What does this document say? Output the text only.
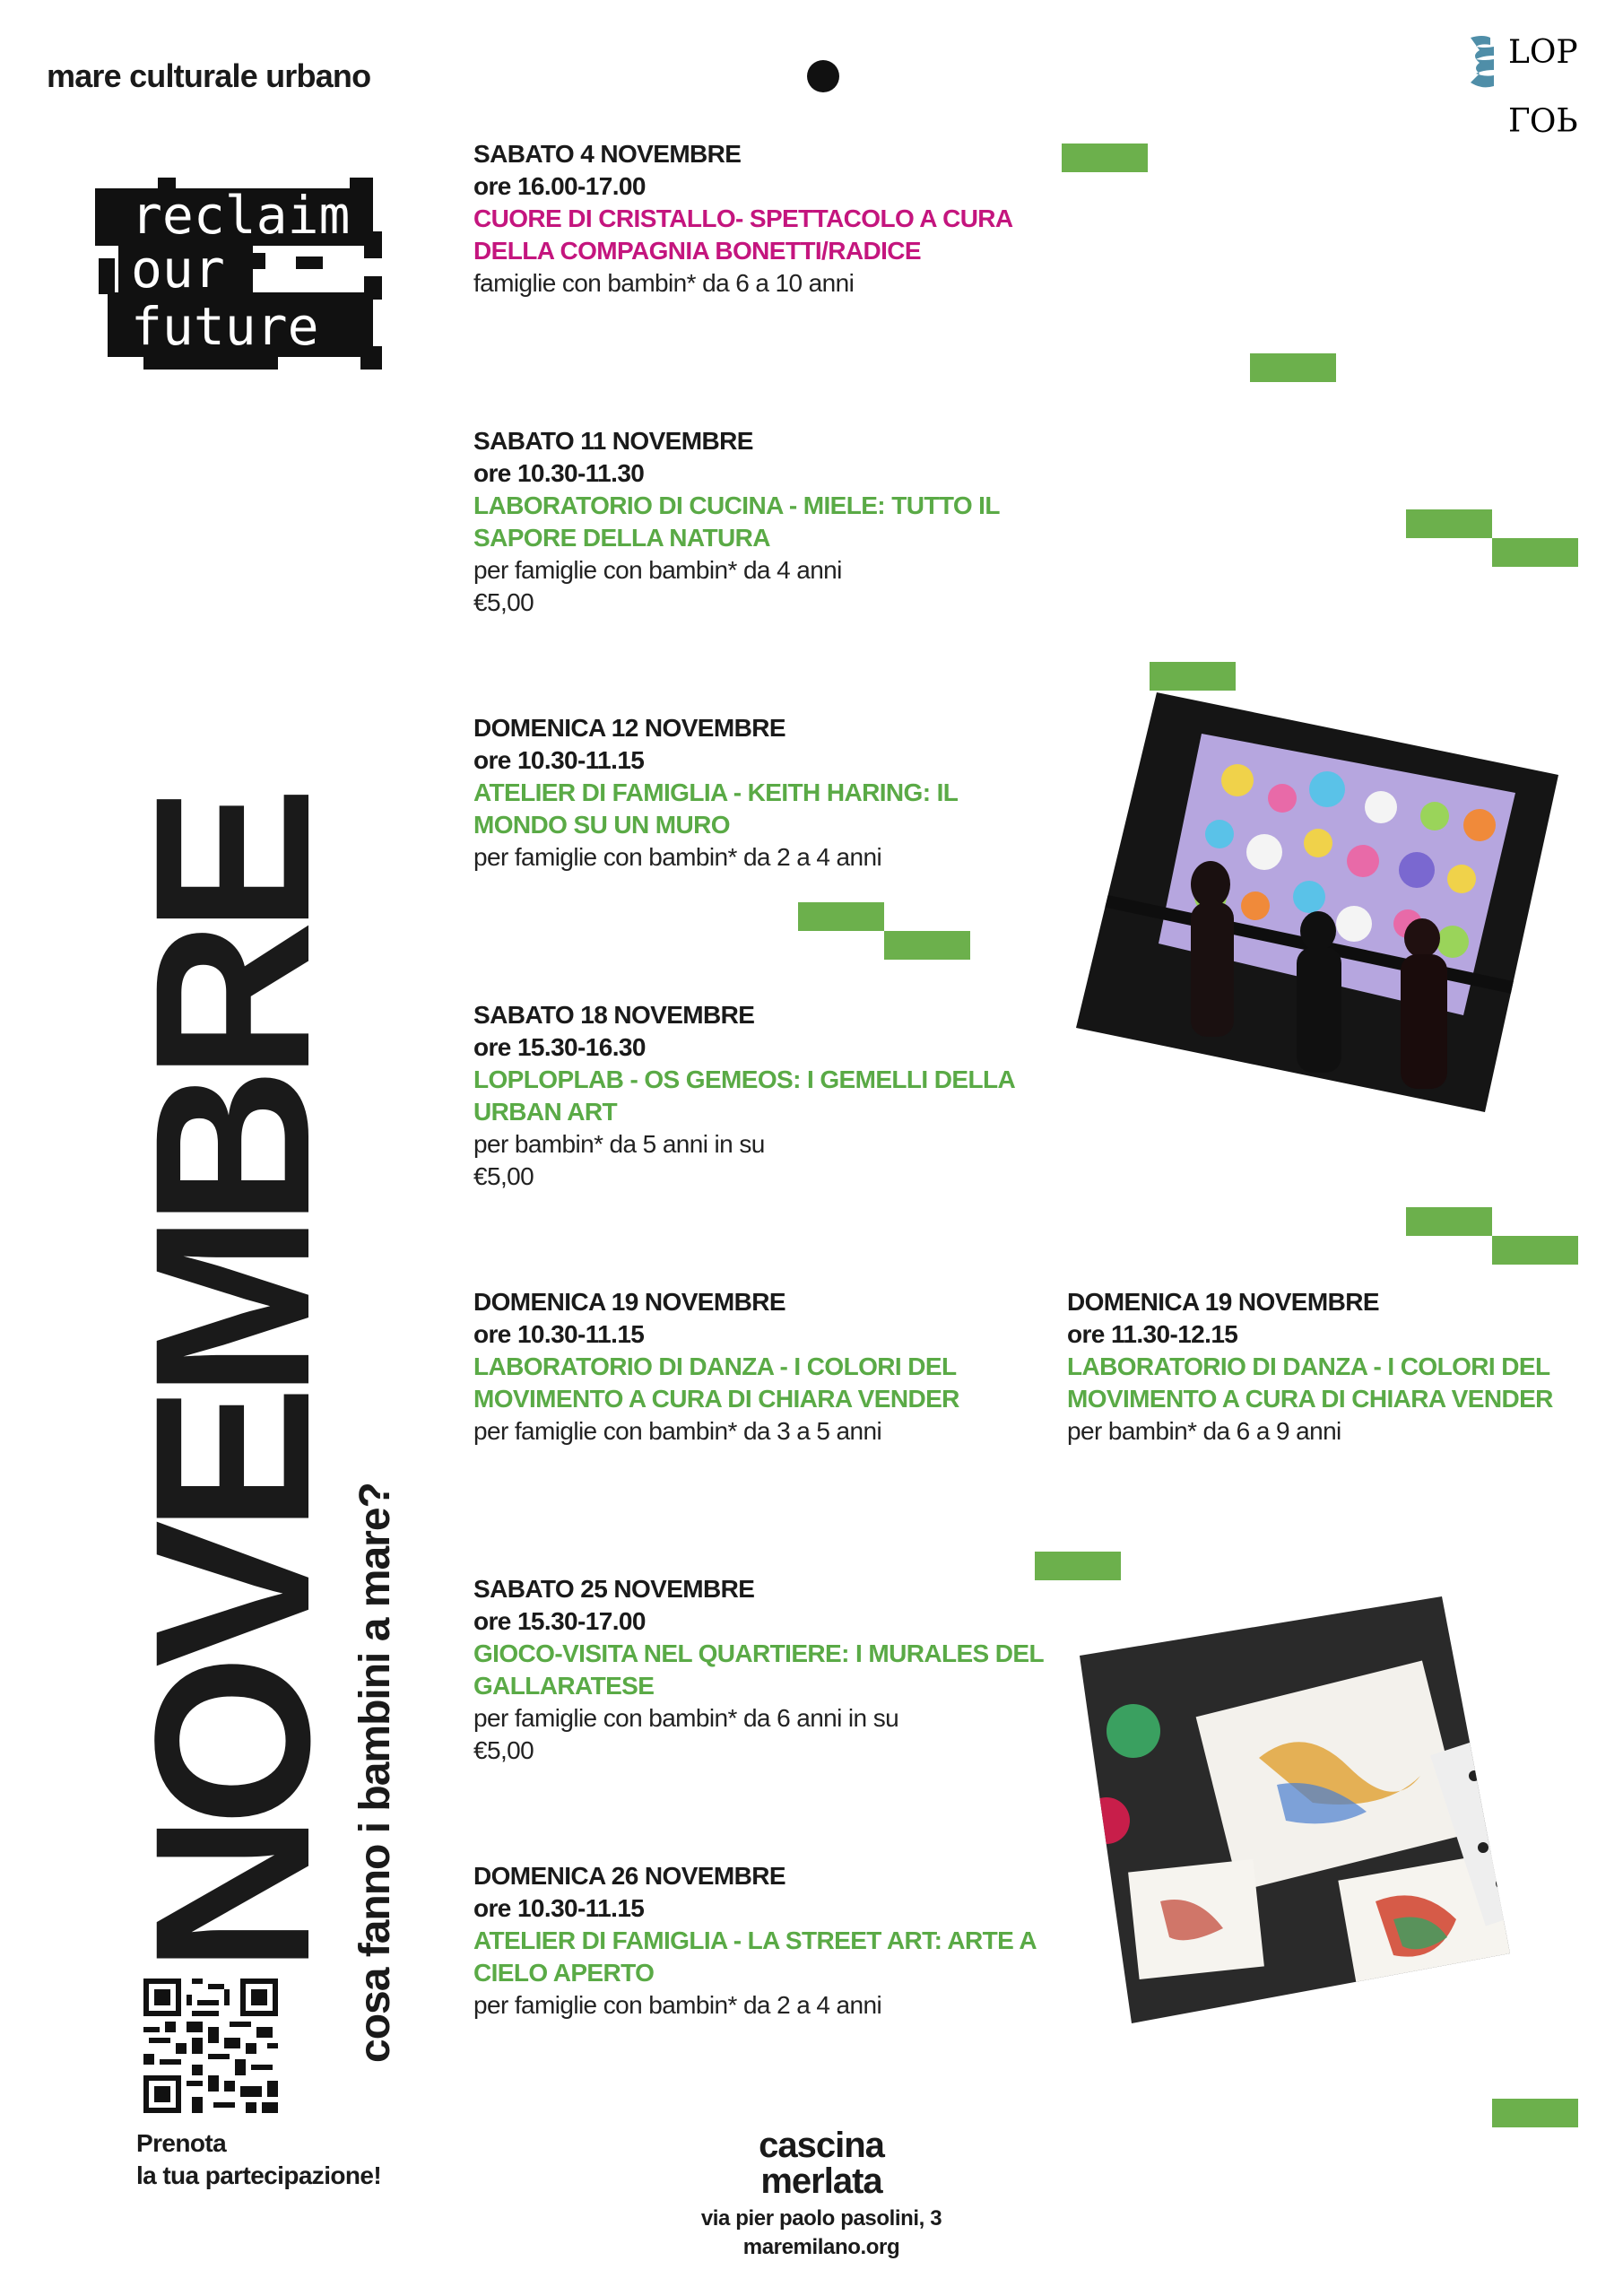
mare culturale urbano
LOP
LOP
reclaim
our
future
NOVEMBRE
cosa fanno i bambini a mare?
SABATO 4 NOVEMBRE
ore 16.00-17.00
CUORE DI CRISTALLO- SPETTACOLO A CURA DELLA COMPAGNIA BONETTI/RADICE
famiglie con bambin* da 6 a 10 anni
SABATO 11 NOVEMBRE
ore 10.30-11.30
LABORATORIO DI CUCINA - MIELE: TUTTO IL SAPORE DELLA NATURA
per famiglie con bambin* da 4 anni
€5,00
DOMENICA 12 NOVEMBRE
ore 10.30-11.15
ATELIER DI FAMIGLIA - KEITH HARING: IL MONDO SU UN MURO
per famiglie con bambin* da 2 a 4 anni
SABATO 18 NOVEMBRE
ore 15.30-16.30
LOPLOPLAB - OS GEMEOS: I GEMELLI DELLA URBAN ART
per bambin* da 5 anni in su
€5,00
DOMENICA 19 NOVEMBRE
ore 10.30-11.15
LABORATORIO DI DANZA - I COLORI DEL MOVIMENTO A CURA DI CHIARA VENDER
per famiglie con bambin* da 3 a 5 anni
DOMENICA 19 NOVEMBRE
ore 11.30-12.15
LABORATORIO DI DANZA - I COLORI DEL MOVIMENTO A CURA DI CHIARA VENDER
per bambin* da 6 a 9 anni
SABATO 25 NOVEMBRE
ore 15.30-17.00
GIOCO-VISITA NEL QUARTIERE: I MURALES DEL GALLARATESE
per famiglie con bambin* da 6 anni in su
€5,00
DOMENICA 26 NOVEMBRE
ore 10.30-11.15
ATELIER DI FAMIGLIA - LA STREET ART: ARTE A CIELO APERTO
per famiglie con bambin* da 2 a 4 anni
Prenota
la tua partecipazione!
cascina
merlata
via pier paolo pasolini, 3
maremilano.org
